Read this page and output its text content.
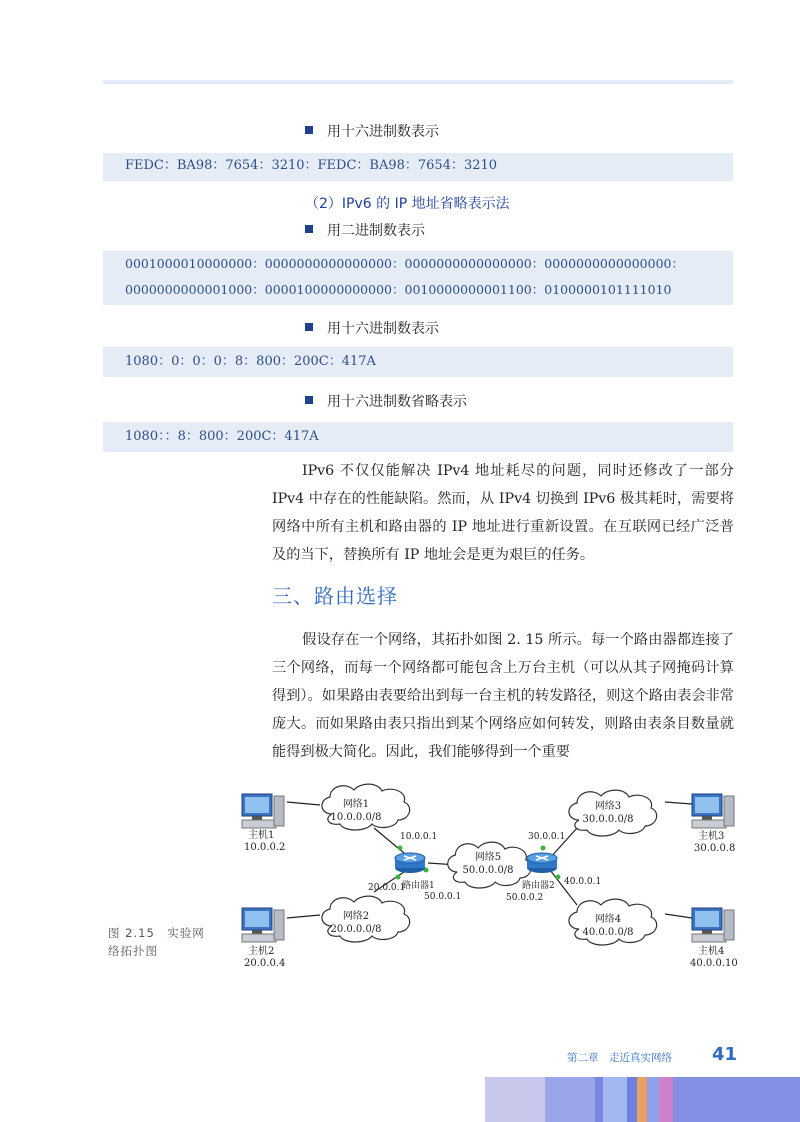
用十六进制数表示
FEDC：BA98：7654：3210：FEDC：BA98：7654：3210
（2）IPv6 的 IP 地址省略表示法
用二进制数表示
0001000010000000：0000000000000000：0000000000000000：0000000000000000：
0000000000001000：0000100000000000：0010000000001100：0100000101111010
用十六进制数表示
1080：0：0：0：8：800：200C：417A
用十六进制数省略表示
1080：：8：800：200C：417A

IPv6 不仅仅能解决 IPv4 地址耗尽的问题，同时还修改了一部分 IPv4 中存在的性能缺陷。然而，从 IPv4 切换到 IPv6 极其耗时，需要将网络中所有主机和路由器的 IP 地址进行重新设置。在互联网已经广泛普及的当下，替换所有 IP 地址会是更为艰巨的任务。

三、路由选择

假设存在一个网络，其拓扑如图 2. 15 所示。每一个路由器都连接了三个网络，而每一个网络都可能包含上万台主机（可以从其子网掩码计算得到）。如果路由表要给出到每一台主机的转发路径，则这个路由表会非常庞大。而如果路由表只指出到某个网络应如何转发，则路由表条目数量就能得到极大简化。因此，我们能够得到一个重要

图 2.15　实验网络拓扑图
网络1
10.0.0.0/8
网络2
20.0.0.0/8
网络5
50.0.0.0/8
网络3
30.0.0.0/8
网络4
40.0.0.0/8
主机1
10.0.0.2
主机2
20.0.0.4
主机3
30.0.0.8
主机4
40.0.0.10
10.0.0.1
20.0.0.1
50.0.0.1
30.0.0.1
40.0.0.1
50.0.0.2
路由器1	路由器2
第二章　走近真实网络 41
